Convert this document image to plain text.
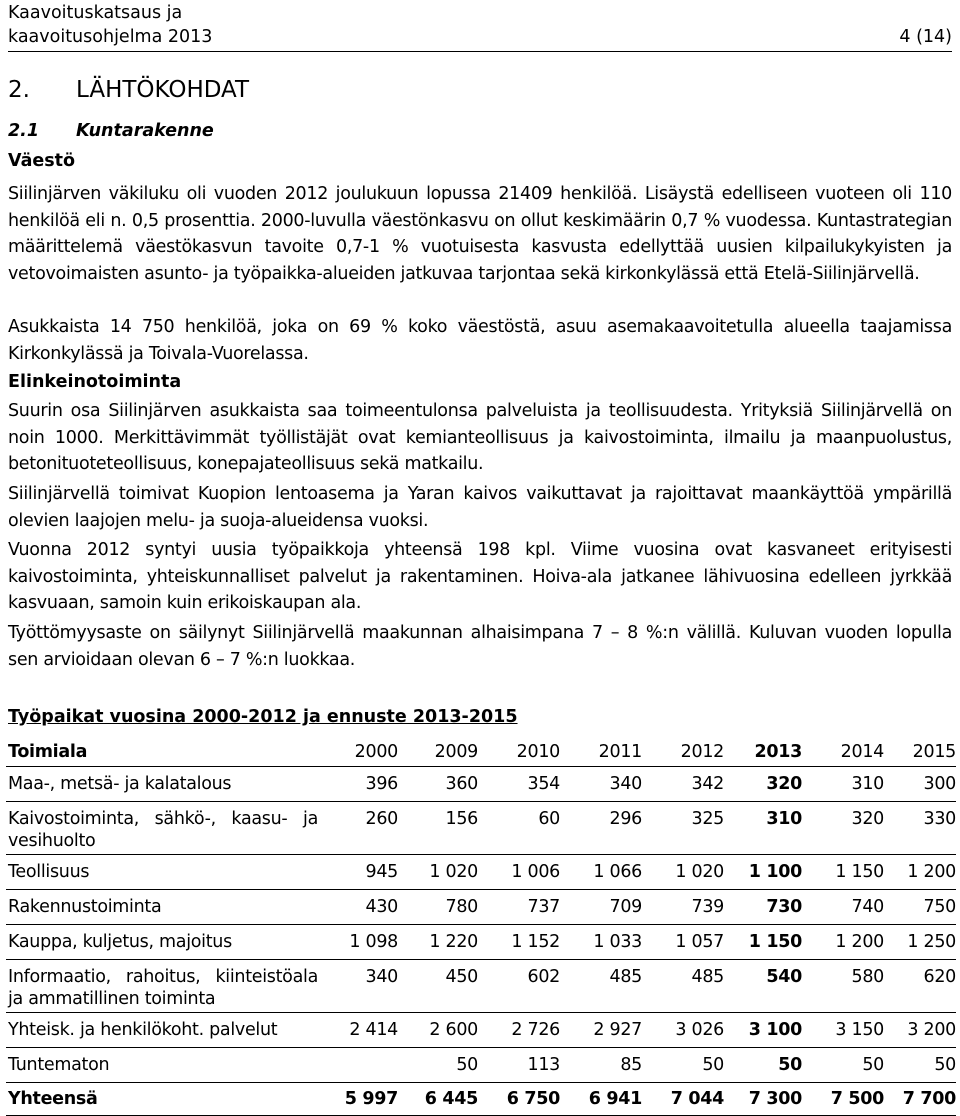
Kaavoituskatsaus ja
kaavoitusohjelma 2013	4 (14)
2. LÄHTÖKOHDAT
2.1 Kuntarakenne
Väestö
Siilinjärven väkiluku oli vuoden 2012 joulukuun lopussa 21409 henkilöä. Lisäystä edelliseen vuoteen oli 110 henkilöä eli n. 0,5 prosenttia. 2000-luvulla väestönkasvu on ollut keskimäärin 0,7 % vuodessa. Kuntastrategian määrittelemä väestökasvun tavoite 0,7-1 % vuotuisesta kasvusta edellyttää uusien kilpailukykyisten ja vetovoimaisten asunto- ja työpaikka-alueiden jatkuvaa tarjontaa sekä kirkonkylässä että Etelä-Siilinjärvellä.
Asukkaista 14 750 henkilöä, joka on 69 % koko väestöstä, asuu asemakaavoitetulla alueella taajamissa Kirkonkylässä ja Toivala-Vuorelassa.
Elinkeinotoiminta
Suurin osa Siilinjärven asukkaista saa toimeentulonsa palveluista ja teollisuudesta. Yrityksiä Siilinjärvellä on noin 1000. Merkittävimmät työllistäjät ovat kemianteollisuus ja kaivostoiminta, ilmailu ja maanpuolustus, betonituoteteollisuus, konepajateollisuus sekä matkailu.
Siilinjärvellä toimivat Kuopion lentoasema ja Yaran kaivos vaikuttavat ja rajoittavat maankäyttöä ympärillä olevien laajojen melu- ja suoja-alueidensa vuoksi.
Vuonna 2012 syntyi uusia työpaikkoja yhteensä 198 kpl. Viime vuosina ovat kasvaneet erityisesti kaivostoiminta, yhteiskunnalliset palvelut ja rakentaminen. Hoiva-ala jatkanee lähivuosina edelleen jyrkkää kasvuaan, samoin kuin erikoiskaupan ala.
Työttömyysaste on säilynyt Siilinjärvellä maakunnan alhaisimpana 7 – 8 %:n välillä. Kuluvan vuoden lopulla sen arvioidaan olevan 6 – 7 %:n luokkaa.
Työpaikat vuosina 2000-2012 ja ennuste 2013-2015
Toimiala	2000	2009	2010	2011	2012	2013	2014	2015
Maa-, metsä- ja kalatalous	396	360	354	340	342	320	310	300

Kaivostoiminta, sähkö-, kaasu- ja vesihuolto	260	156	60	296	325	310	320	330
Teollisuus	945	1 020	1 006	1 066	1 020	1 100	1 150	1 200
Rakennustoiminta	430	780	737	709	739	730	740	750
Kauppa, kuljetus, majoitus	1 098	1 220	1 152	1 033	1 057	1 150	1 200	1 250

Informaatio, rahoitus, kiinteistöala ja ammatillinen toiminta	340	450	602	485	485	540	580	620
Yhteisk. ja henkilökoht. palvelut	2 414	2 600	2 726	2 927	3 026	3 100	3 150	3 200
Tuntematon		50	113	85	50	50	50	50
Yhteensä	5 997	6 445	6 750	6 941	7 044	7 300	7 500	7 700
